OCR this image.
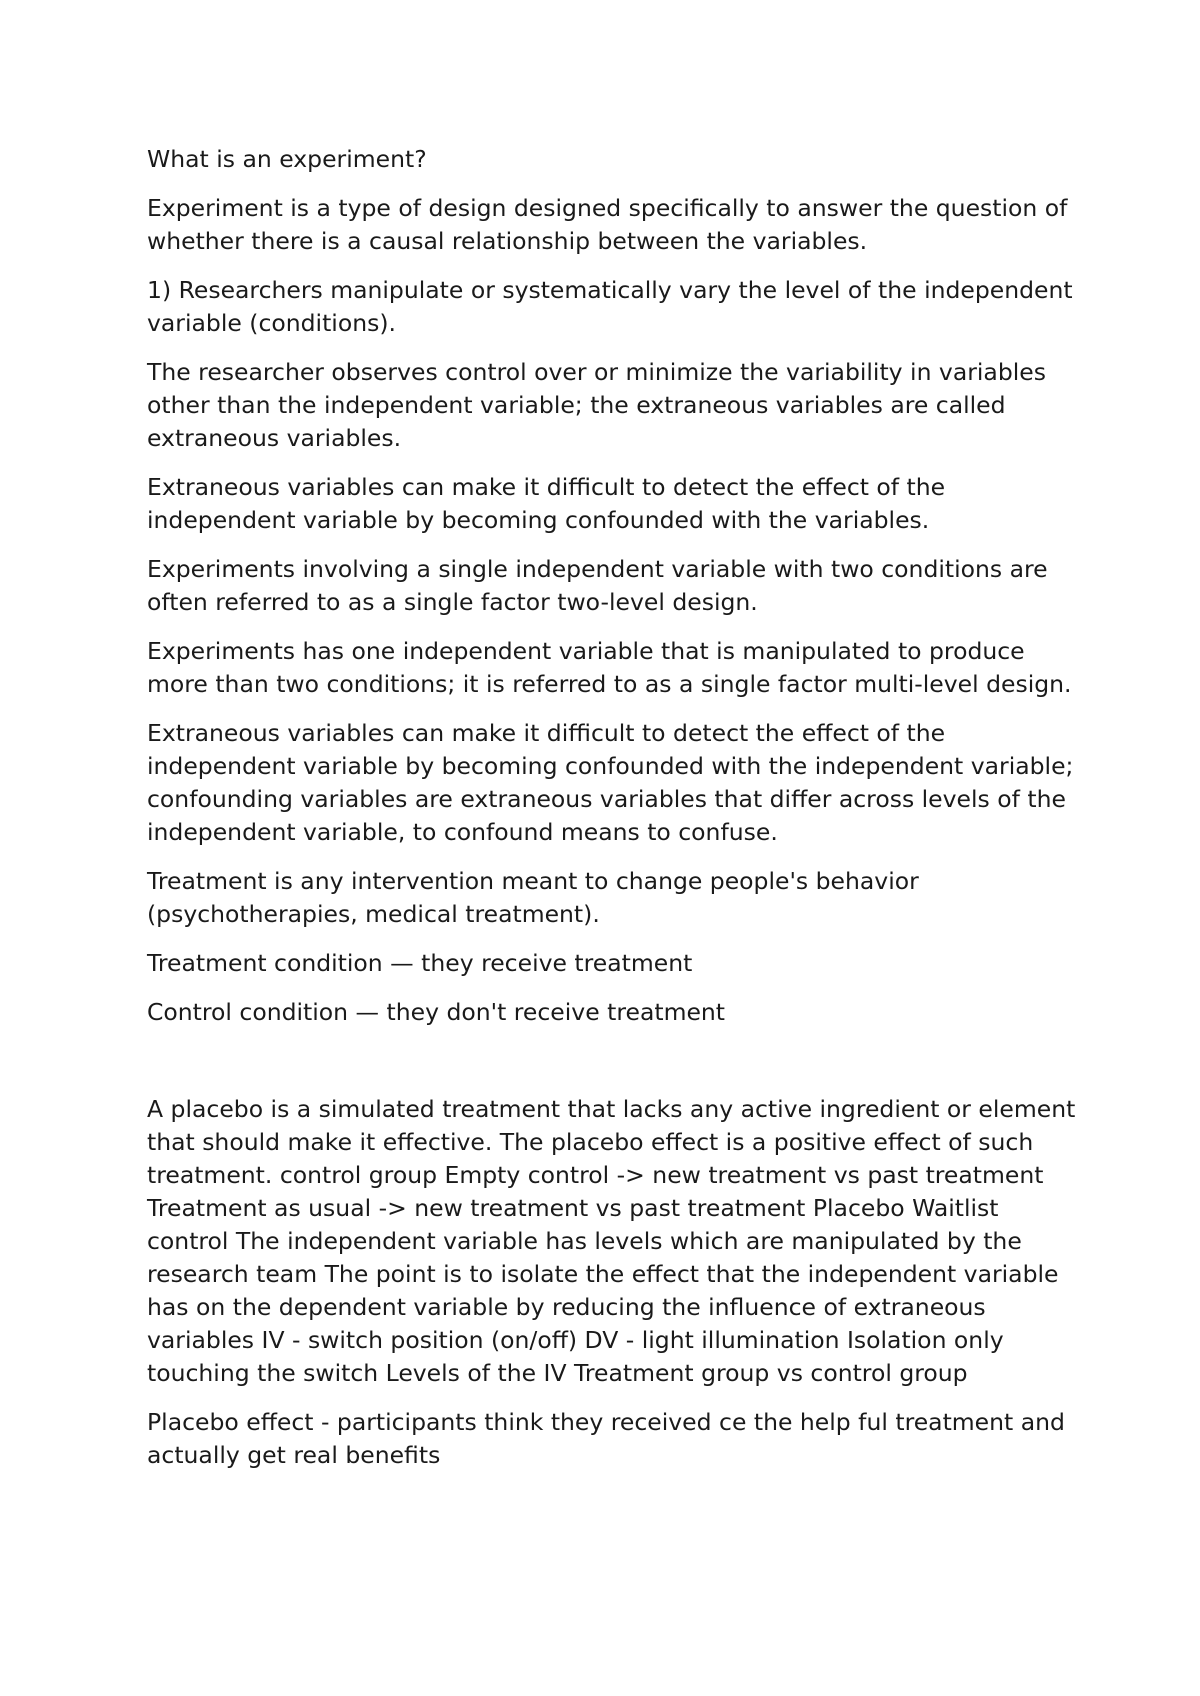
What is an experiment?

Experiment is a type of design designed specifically to answer the question of whether there is a causal relationship between the variables.

1) Researchers manipulate or systematically vary the level of the independent variable (conditions).

The researcher observes control over or minimize the variability in variables other than the independent variable; the extraneous variables are called extraneous variables.

Extraneous variables can make it difficult to detect the effect of the independent variable by becoming confounded with the variables.

Experiments involving a single independent variable with two conditions are often referred to as a single factor two-level design.

Experiments has one independent variable that is manipulated to produce more than two conditions; it is referred to as a single factor multi-level design.

Extraneous variables can make it difficult to detect the effect of the independent variable by becoming confounded with the independent variable; confounding variables are extraneous variables that differ across levels of the independent variable, to confound means to confuse.

Treatment is any intervention meant to change people's behavior (psychotherapies, medical treatment).

Treatment condition — they receive treatment

Control condition — they don't receive treatment

A placebo is a simulated treatment that lacks any active ingredient or element that should make it effective. The placebo effect is a positive effect of such treatment. control group Empty control -> new treatment vs past treatment Treatment as usual -> new treatment vs past treatment Placebo Waitlist control The independent variable has levels which are manipulated by the research team The point is to isolate the effect that the independent variable has on the dependent variable by reducing the influence of extraneous variables IV - switch position (on/off) DV - light illumination Isolation only touching the switch Levels of the IV Treatment group vs control group

Placebo effect - participants think they received ce the help ful treatment and actually get real benefits
